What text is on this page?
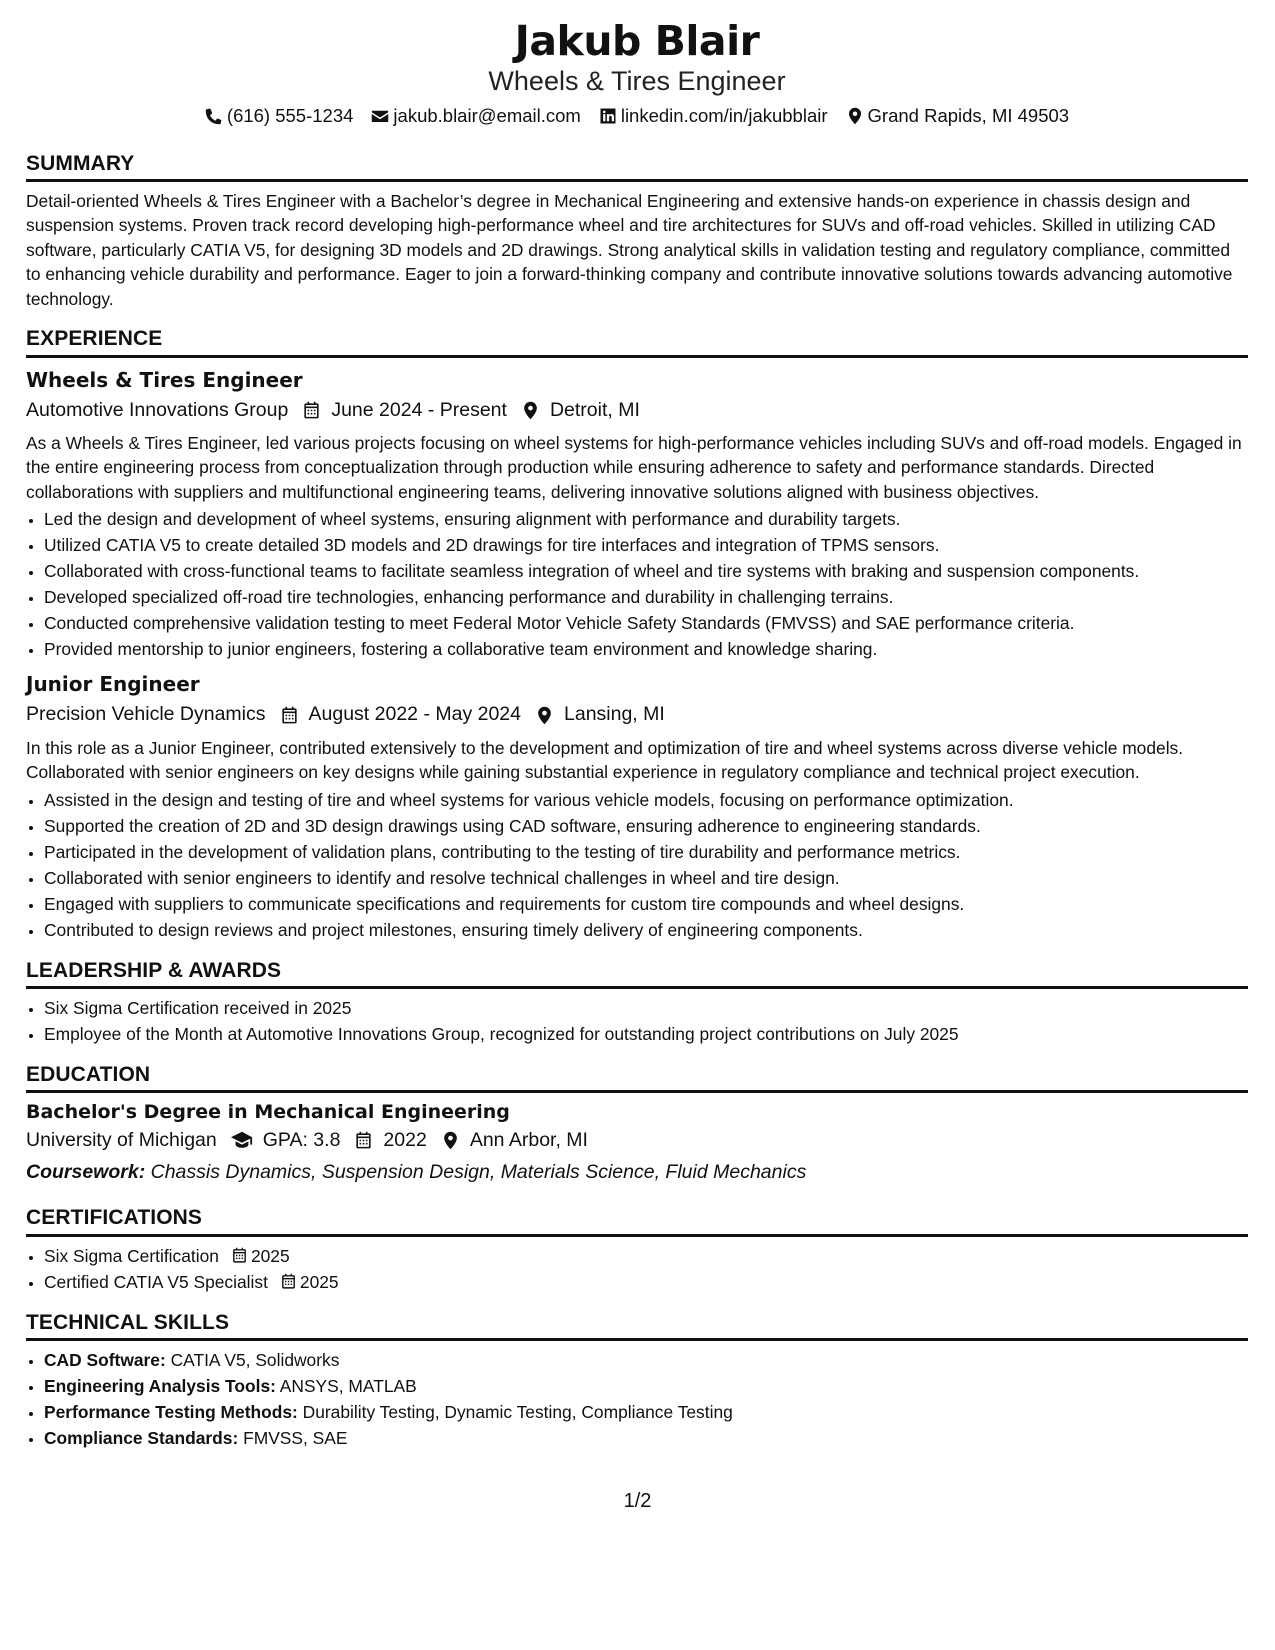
Jakub Blair
Wheels & Tires Engineer
(616) 555-1234 jakub.blair@email.com linkedin.com/in/jakubblair Grand Rapids, MI 49503
SUMMARY
Detail-oriented Wheels & Tires Engineer with a Bachelor’s degree in Mechanical Engineering and extensive hands-on experience in chassis design and suspension systems. Proven track record developing high-performance wheel and tire architectures for SUVs and off-road vehicles. Skilled in utilizing CAD software, particularly CATIA V5, for designing 3D models and 2D drawings. Strong analytical skills in validation testing and regulatory compliance, committed to enhancing vehicle durability and performance. Eager to join a forward-thinking company and contribute innovative solutions towards advancing automotive technology.
EXPERIENCE
Wheels & Tires Engineer
Automotive Innovations Group June 2024 - Present Detroit, MI
As a Wheels & Tires Engineer, led various projects focusing on wheel systems for high-performance vehicles including SUVs and off-road models. Engaged in the entire engineering process from conceptualization through production while ensuring adherence to safety and performance standards. Directed collaborations with suppliers and multifunctional engineering teams, delivering innovative solutions aligned with business objectives.
• Led the design and development of wheel systems, ensuring alignment with performance and durability targets.
• Utilized CATIA V5 to create detailed 3D models and 2D drawings for tire interfaces and integration of TPMS sensors.
• Collaborated with cross-functional teams to facilitate seamless integration of wheel and tire systems with braking and suspension components.
• Developed specialized off-road tire technologies, enhancing performance and durability in challenging terrains.
• Conducted comprehensive validation testing to meet Federal Motor Vehicle Safety Standards (FMVSS) and SAE performance criteria.
• Provided mentorship to junior engineers, fostering a collaborative team environment and knowledge sharing.
Junior Engineer
Precision Vehicle Dynamics August 2022 - May 2024 Lansing, MI
In this role as a Junior Engineer, contributed extensively to the development and optimization of tire and wheel systems across diverse vehicle models. Collaborated with senior engineers on key designs while gaining substantial experience in regulatory compliance and technical project execution.
• Assisted in the design and testing of tire and wheel systems for various vehicle models, focusing on performance optimization.
• Supported the creation of 2D and 3D design drawings using CAD software, ensuring adherence to engineering standards.
• Participated in the development of validation plans, contributing to the testing of tire durability and performance metrics.
• Collaborated with senior engineers to identify and resolve technical challenges in wheel and tire design.
• Engaged with suppliers to communicate specifications and requirements for custom tire compounds and wheel designs.
• Contributed to design reviews and project milestones, ensuring timely delivery of engineering components.
LEADERSHIP & AWARDS
• Six Sigma Certification received in 2025
• Employee of the Month at Automotive Innovations Group, recognized for outstanding project contributions on July 2025
EDUCATION
Bachelor's Degree in Mechanical Engineering
University of Michigan GPA: 3.8 2022 Ann Arbor, MI
Coursework: Chassis Dynamics, Suspension Design, Materials Science, Fluid Mechanics
CERTIFICATIONS
• Six Sigma Certification 2025
• Certified CATIA V5 Specialist 2025
TECHNICAL SKILLS
• CAD Software: CATIA V5, Solidworks
• Engineering Analysis Tools: ANSYS, MATLAB
• Performance Testing Methods: Durability Testing, Dynamic Testing, Compliance Testing
• Compliance Standards: FMVSS, SAE
1/2
